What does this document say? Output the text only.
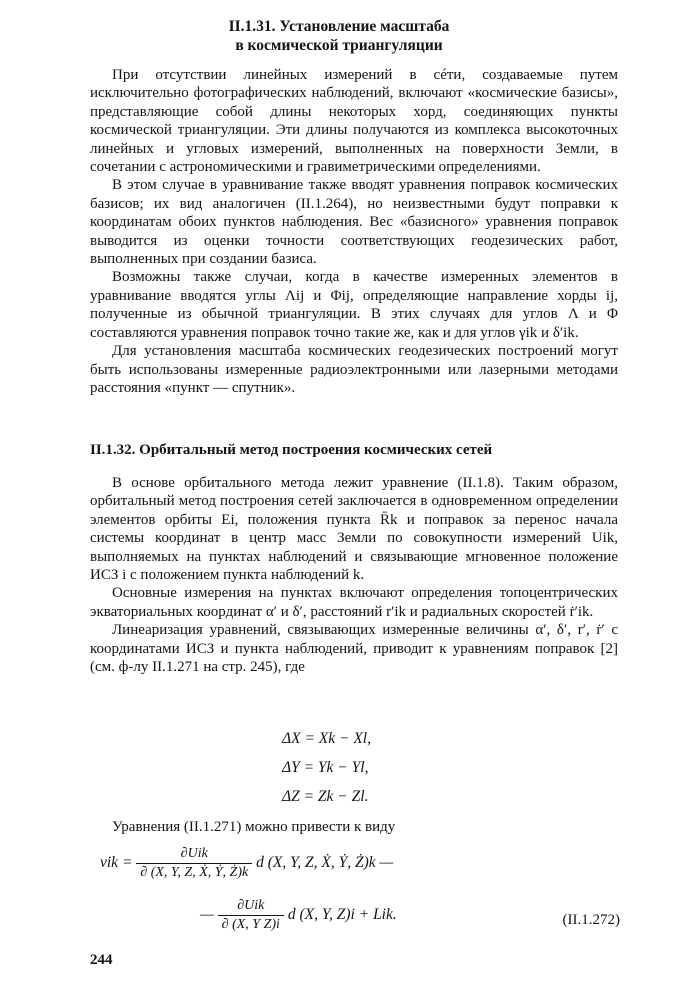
II.1.31. Установление масштаба
в космической триангуляции

При отсутствии линейных измерений в сéти, создаваемые путем исключительно фотографических наблюдений, включают «космические базисы», представляющие собой длины некоторых хорд, соединяющих пункты космической триангуляции. Эти длины получаются из комплекса высокоточных линейных и угловых измерений, выполненных на поверхности Земли, в сочетании с астрономическими и гравиметрическими определениями.

В этом случае в уравнивание также вводят уравнения поправок космических базисов; их вид аналогичен (II.1.264), но неизвестными будут поправки к координатам обоих пунктов наблюдения. Вес «базисного» уравнения поправок выводится из оценки точности соответствующих геодезических работ, выполненных при создании базиса.

Возможны также случаи, когда в качестве измеренных элементов в уравнивание вводятся углы Λij и Φij, определяющие направление хорды ij, полученные из обычной триангуляции. В этих случаях для углов Λ и Φ составляются уравнения поправок точно такие же, как и для углов γik и δ′ik.

Для установления масштаба космических геодезических построений могут быть использованы измеренные радиоэлектронными или лазерными методами расстояния «пункт — спутник».

II.1.32. Орбитальный метод построения космических сетей

В основе орбитального метода лежит уравнение (II.1.8). Таким образом, орбитальный метод построения сетей заключается в одновременном определении элементов орбиты Ei, положения пункта R̄k и поправок за перенос начала системы координат в центр масс Земли по совокупности измерений Uik, выполняемых на пунктах наблюдений и связывающие мгновенное положение ИСЗ i с положением пункта наблюдений k.

Основные измерения на пунктах включают определения топоцентрических экваториальных координат α′ и δ′, расстояний r′ik и радиальных скоростей ṙ′ik.

Линеаризация уравнений, связывающих измеренные величины α′, δ′, r′, ṙ′ с координатами ИСЗ и пункта наблюдений, приводит к уравнениям поправок [2] (см. ф-лу II.1.271 на стр. 245), где

ΔX = Xk − Xl,
ΔY = Yk − Yl,
ΔZ = Zk − Zl.

Уравнения (II.1.271) можно привести к виду

vik = $\frac{\text{∂Uik}}{\text{∂ (X, Y, Z, Ẋ, Ẏ, Ż)k}}$ d (X, Y, Z, Ẋ, Ẏ, Ż)k —
— $\frac{\text{∂Uik}}{\text{∂ (X, Y Z)i}}$ d (X, Y, Z)i + Lik.	(II.1.272)
244
